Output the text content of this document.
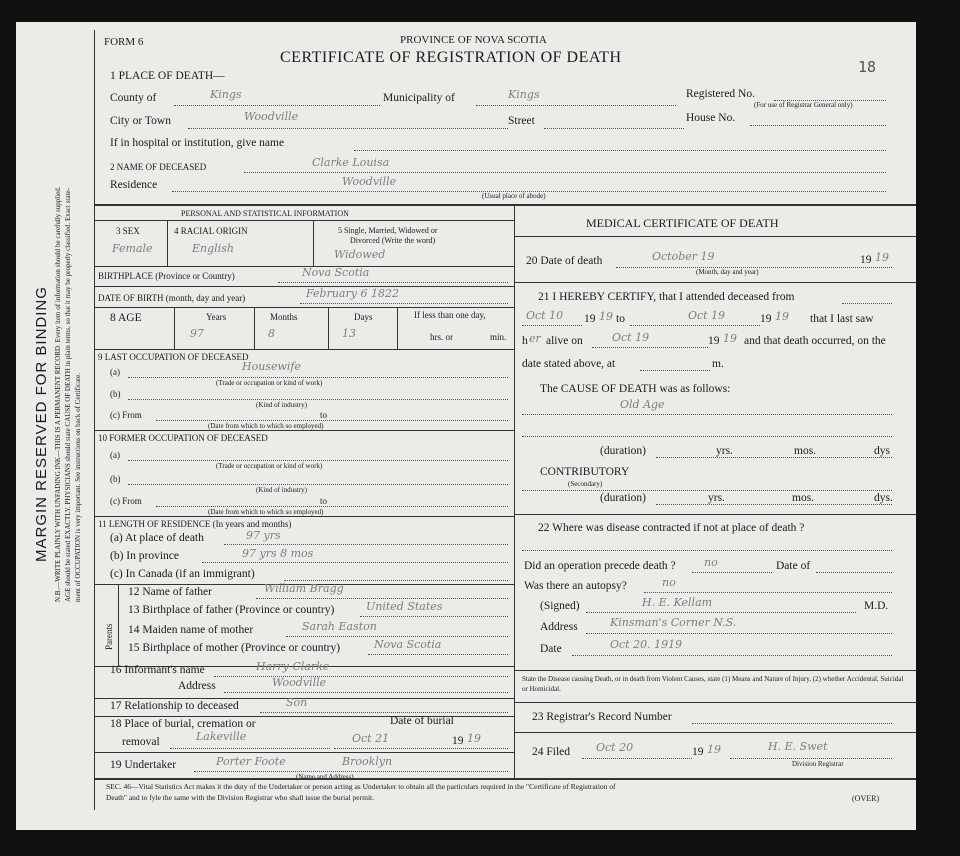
MARGIN RESERVED FOR BINDING N.B.—WRITE PLAINLY WITH UNFADING INK—THIS IS A PERMANENT RECORD. Every item of information should be carefully supplied. AGE should be stated EXACTLY. PHYSICIANS should state CAUSE OF DEATH in plain terms, so that it may be properly classified. Exact state- ment of OCCUPATION is very important. See instructions on back of Certificate.
FORM 6	PROVINCE OF NOVA SCOTIA
CERTIFICATE OF REGISTRATION OF DEATH
18
1 PLACE OF DEATH—
County of	Kings	Municipality of	Kings	Registered No.
(For use of Registrar General only)
City or Town	Woodville	Street	House No.
If in hospital or institution, give name
2 NAME OF DECEASED	Clarke Louisa
Residence	Woodville
(Usual place of abode)
PERSONAL AND STATISTICAL INFORMATION
3 SEX
Female
4 RACIAL ORIGIN
English
5 Single, Married, Widowed or
Divorced (Write the word)
Widowed
BIRTHPLACE (Province or Country)	Nova Scotia
DATE OF BIRTH (month, day and year)	February 6 1822
8 AGE	Years
97
Months
8
Days
13
If less than one day,
hrs. or	min.
9 LAST OCCUPATION OF DECEASED
(a)	Housewife
(Trade or occupation or kind of work)
(b)
(Kind of industry)
(c) From	to
(Date from which to which so employed)
10 FORMER OCCUPATION OF DECEASED
(a)
(Trade or occupation or kind of work)
(b)
(Kind of industry)
(c) From	to
(Date from which to which so employed)
11 LENGTH OF RESIDENCE (In years and months)
(a) At place of death	97 yrs
(b) In province	97 yrs 8 mos
(c) In Canada (if an immigrant)
Parents
12 Name of father	William Bragg
13 Birthplace of father (Province or country)	United States
14 Maiden name of mother	Sarah Easton
15 Birthplace of mother (Province or country)	Nova Scotia
16 Informant's name	Harry Clarke
Address	Woodville
17 Relationship to deceased	Son
18 Place of burial, cremation or
removal	Lakeville
Date of burial
Oct 21	19 19
19 Undertaker	Porter Foote	Brooklyn
(Name and Address)
MEDICAL CERTIFICATE OF DEATH
20 Date of death	October 19	19 19
(Month, day and year)
21 I HEREBY CERTIFY, that I attended deceased from
Oct 10 19 19 to	Oct 19	19 19 that I last saw
h er alive on	Oct 19	19 19 and that death occurred, on the
date stated above, at	m.
The CAUSE OF DEATH was as follows:
Old Age
(duration)	yrs.	mos.	dys
CONTRIBUTORY
(Secondary)
(duration)	yrs.	mos.	dys.
22 Where was disease contracted if not at place of death ?
Did an operation precede death ?	no	Date of
Was there an autopsy?	no
(Signed)	H. E. Kellam	M.D.
Address	Kinsman's Corner N.S.
Date	Oct 20. 1919
State the Disease causing Death, or in death from Violent Causes, state (1) Means and Nature of Injury, (2) whether Accidental, Suicidal or Homicidal.
23 Registrar's Record Number
24 Filed Oct 20	19 19	H. E. Swet
Division Registrar
SEC. 46—Vital Statistics Act makes it the duty of the Undertaker or person acting as Undertaker to obtain all the particulars required in the "Certificate of Registration of
Death" and to fyle the same with the Division Registrar who shall issue the burial permit.	(OVER)
